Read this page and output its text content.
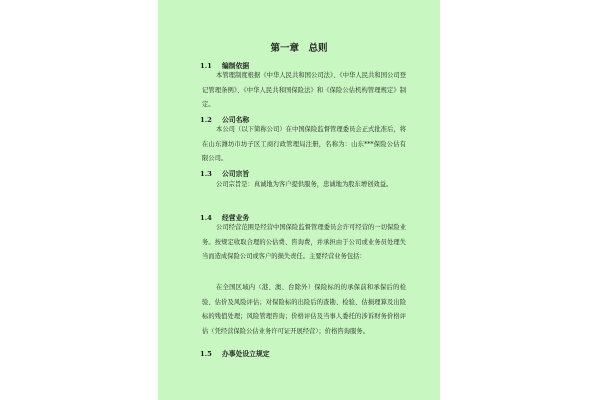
第一章　总则
1.1 编制依据

本管理制度根据《中华人民共和国公司法》、《中华人民共和国公司登记管理条例》、《中华人民共和国保险法》和《保险公估机构管理规定》制定。

1.2 公司名称

本公司（以下简称公司）在中国保险监督管理委员会正式批准后，将在山东潍坊市坊子区工商行政管理局注册，名称为：山东***保险公估有限公司。

1.3 公司宗旨

公司宗旨是：真诚地为客户提供服务，忠诚地为股东增创效益。

1.4 经营业务

公司经营范围是经营中国保险监督管理委员会许可经营的一切保险业务。按规定收取合理的公估费、咨询费，并承担由于公司或业务员处理失当而造成保险公司或客户的损失责任。主要经营业务包括：

在全国区域内（港、澳、台除外）保险标的的承保前和承保后的检验、估价及风险评估；对保险标的出险后的查勘、检验、估损理算及出险标的残值处理；风险管理咨询；价格评估及当事人委托的涉诉财务价格评估（凭经营保险公估业务许可证开展经营）；价格咨询服务。

1.5 办事处设立规定
